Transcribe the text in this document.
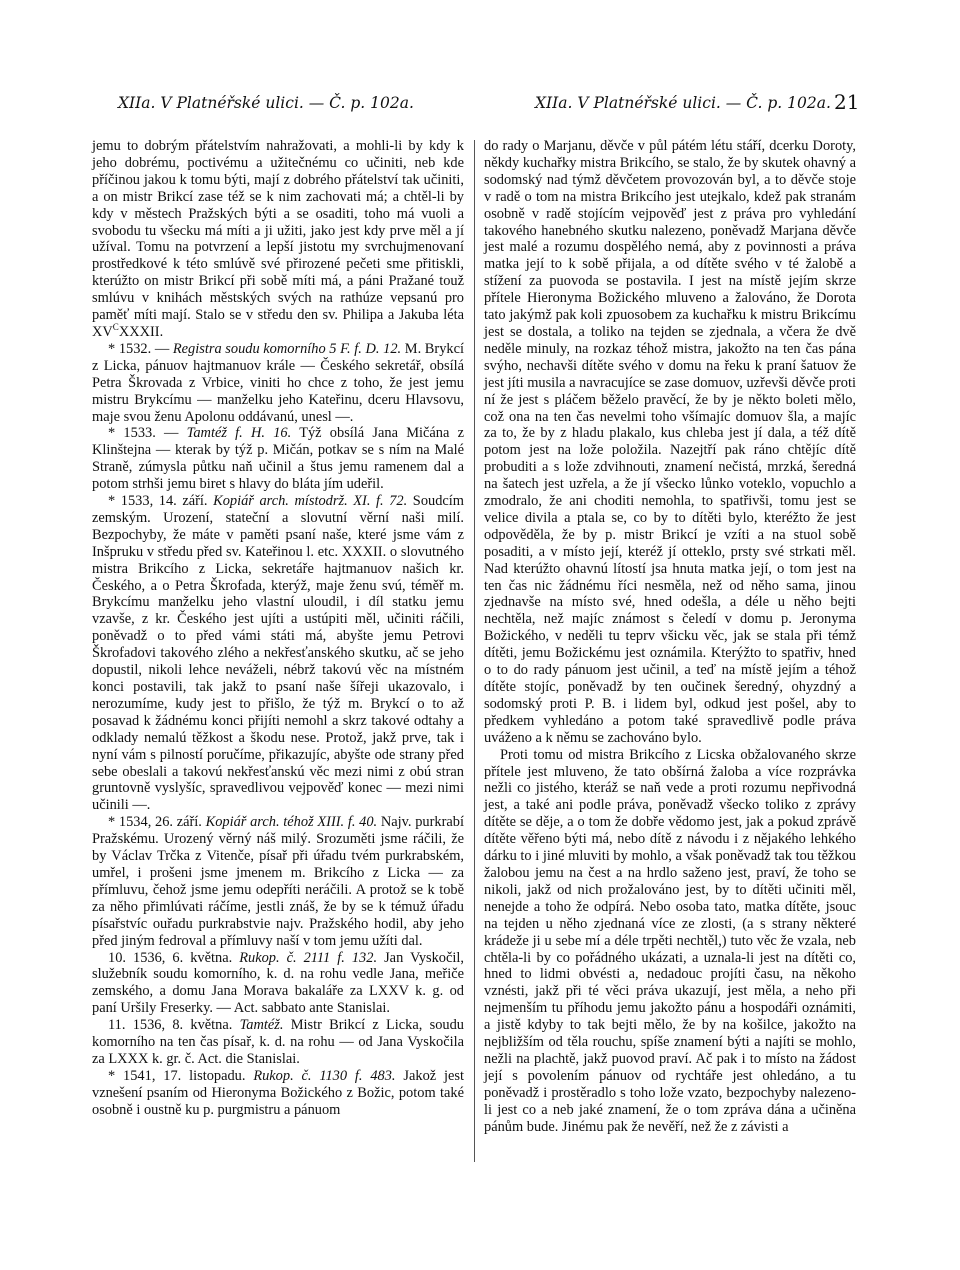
XIIa. V Platnéřské ulici. — Č. p. 102a.	XIIa. V Platnéřské ulici. — Č. p. 102a. 21

jemu to dobrým přátelstvím nahražovati, a mohli-li by kdy k jeho dobrému, poctivému a užitečnému co učiniti, neb kde příčinou jakou k tomu býti, mají z dobrého přátelství tak učiniti, a on mistr Brikcí zase též se k nim zachovati má; a chtěl-li by kdy v městech Pražských býti a se osaditi, toho má vuoli a svobodu tu všecku má míti a ji užiti, jako jest kdy prve měl a jí užíval. Tomu na potvrzení a lepší jistotu my svrchujmenovaní prostředkové k této smlúvě své přirozené pečeti sme přitiskli, kterúžto on mistr Brikcí při sobě míti má, a páni Pražané touž smlúvu v knihách městských svých na rathúze vepsanú pro paměť míti mají. Stalo se v středu den sv. Philipa a Jakuba léta $XV^CXXXII$.

* 1532. — Registra soudu komorního 5 F. f. D. 12. M. Brykcí z Licka, pánuov hajtmanuov krále — Českého sekretář, obsílá Petra Škrovada z Vrbice, viniti ho chce z toho, že jest jemu mistru Brykcímu — manželku jeho Kateřinu, dceru Hlavsovu, maje svou ženu Apolonu oddávanú, unesl —.

* 1533. — Tamtéž f. H. 16. Týž obsílá Jana Mičána z Klinštejna — kterak by týž p. Mičán, potkav se s ním na Malé Straně, zúmysla půtku naň učinil a štus jemu ramenem dal a potom strhši jemu biret s hlavy do bláta jím udeřil.

* 1533, 14. září. Kopiář arch. místodrž. XI. f. 72. Soudcím zemským. Urození, stateční a slovutní věrní naši milí. Bezpochyby, že máte v paměti psaní naše, které jsme vám z Inšpruku v středu před sv. Kateřinou l. etc. XXXII. o slovutného mistra Brikcího z Licka, sekretáře hajtmanuov našich kr. Českého, a o Petra Škrofada, kterýž, maje ženu svú, téměř m. Brykcímu manželku jeho vlastní uloudil, i díl statku jemu vzavše, z kr. Českého jest ujíti a ustúpiti měl, učiniti ráčili, poněvadž o to před vámi státi má, abyšte jemu Petrovi Škrofadovi takového zlého a nekřesťanského skutku, ač se jeho dopustil, nikoli lehce neváželi, nébrž takovú věc na místném konci postavili, tak jakž to psaní naše šířeji ukazovalo, i nerozumíme, kudy jest to přišlo, že týž m. Brykcí o to až posavad k žádnému konci přijíti nemohl a skrz takové odtahy a odklady nemalú těžkost a škodu nese. Protož, jakž prve, tak i nyní vám s pilností poručíme, přikazujíc, abyšte ode strany před sebe obeslali a takovú nekřesťanskú věc mezi nimi z obú stran gruntovně vyslyšíc, spravedlivou vejpověď konec — mezi nimi učinili —.

* 1534, 26. září. Kopiář arch. téhož XIII. f. 40. Najv. purkrabí Pražskému. Urozený věrný náš milý. Srozuměti jsme ráčili, že by Václav Trčka z Vitenče, písař při úřadu tvém purkrabském, umřel, i prošeni jsme jmenem m. Brikcího z Licka — za přímluvu, čehož jsme jemu odepříti neráčili. A protož se k tobě za něho přimlúvati ráčíme, jestli znáš, že by se k témuž úřadu písařstvíc ouřadu purkrabstvie najv. Pražského hodil, aby jeho před jiným fedroval a přímluvy naší v tom jemu užíti dal.

10. 1536, 6. května. Rukop. č. 2111 f. 132. Jan Vyskočil, služebník soudu komorního, k. d. na rohu vedle Jana, meřiče zemského, a domu Jana Morava bakaláře za LXXV k. g. od paní Uršily Freserky. — Act. sabbato ante Stanislai.

11. 1536, 8. května. Tamtéž. Mistr Brikcí z Licka, soudu komorního na ten čas písař, k. d. na rohu — od Jana Vyskočila za LXXX k. gr. č. Act. die Stanislai.

* 1541, 17. listopadu. Rukop. č. 1130 f. 483. Jakož jest vznešení psaním od Hieronyma Božického z Božic, potom také osobně i oustně ku p. purgmistru a pánuom

do rady o Marjanu, děvče v půl pátém létu stáří, dcerku Doroty, někdy kuchařky mistra Brikcího, se stalo, že by skutek ohavný a sodomský nad týmž děvčetem provozován byl, a to děvče stoje v radě o tom na mistra Brikcího jest utejkalo, kdež pak stranám osobně v radě stojícím vejpověď jest z práva pro vyhledání takového hanebného skutku nalezeno, poněvadž Marjana děvče jest malé a rozumu dospělého nemá, aby z povinnosti a práva matka její to k sobě přijala, a od dítěte svého v té žalobě a stížení za puovoda se postavila. I jest na místě jejím skrze přítele Hieronyma Božického mluveno a žalováno, že Dorota tato jakýmž pak koli zpuosobem za kuchařku k mistru Brikcímu jest se dostala, a toliko na tejden se zjednala, a včera že dvě neděle minuly, na rozkaz téhož mistra, jakožto na ten čas pána svýho, nechavši dítěte svého v domu na řeku k praní šatuov že jest jíti musila a navracujíce se zase domuov, uzřevši děvče proti ní že jest s pláčem běželo pravěcí, že by je někto boleti mělo, což ona na ten čas nevelmi toho všímajíc domuov šla, a majíc za to, že by z hladu plakalo, kus chleba jest jí dala, a též dítě potom jest na lože položila. Nazejtří pak ráno chtějíc dítě probuditi a s lože zdvihnouti, znamení nečistá, mrzká, šeredná na šatech jest uzřela, a že jí všecko lůnko voteklo, vopuchlo a zmodralo, že ani choditi nemohla, to spatřivši, tomu jest se velice divila a ptala se, co by to dítěti bylo, kteréžto že jest odpověděla, že by p. mistr Brikcí je vzíti a na stuol sobě posaditi, a v místo její, kteréž jí otteklo, prsty své strkati měl. Nad kterúžto ohavnú lítostí jsa hnuta matka její, o tom jest na ten čas nic žádnému říci nesměla, než od něho sama, jinou zjednavše na místo své, hned odešla, a déle u něho bejti nechtěla, než majíc známost s čeledí v domu p. Jeronyma Božického, v neděli tu teprv všicku věc, jak se stala při témž dítěti, jemu Božickému jest oznámila. Kterýžto to spatřiv, hned o to do rady pánuom jest učinil, a teď na místě jejím a téhož dítěte stojíc, poněvadž by ten oučinek šeredný, ohyzdný a sodomský proti P. B. i lidem byl, odkud jest pošel, aby to předkem vyhledáno a potom také spravedlivě podle práva uváženo a k němu se zachováno bylo.

Proti tomu od mistra Brikcího z Licska obžalovaného skrze přítele jest mluveno, že tato obšírná žaloba a více rozprávka nežli co jistého, kteráž se naň vede a proti rozumu nepřivodná jest, a také ani podle práva, poněvadž všecko toliko z zprávy dítěte se děje, a o tom že dobře vědomo jest, jak a pokud zprávě dítěte věřeno býti má, nebo dítě z návodu i z nějakého lehkého dárku to i jiné mluviti by mohlo, a však poněvadž tak tou těžkou žalobou jemu na čest a na hrdlo saženo jest, praví, že toho se nikoli, jakž od nich prožalováno jest, by to dítěti učiniti měl, nenejde a toho že odpírá. Nebo osoba tato, matka dítěte, jsouc na tejden u něho zjednaná více ze zlosti, (a s strany některé krádeže ji u sebe mí a déle trpěti nechtěl,) tuto věc že vzala, neb chtěla-li by co pořádného ukázati, a uznala-li jest na dítěti co, hned to lidmi obvésti a, nedadouc projíti času, na někoho vznésti, jakž při té věci práva ukazují, jest měla, a neho při nejmenším tu příhodu jemu jakožto pánu a hospodáři oznámiti, a jistě kdyby to tak bejti mělo, že by na košilce, jakožto na nejbližším od těla rouchu, spíše znamení býti a najíti se mohlo, nežli na plachtě, jakž puovod praví. Ač pak i to místo na žádost její s povolením pánuov od rychtáře jest ohledáno, a tu poněvadž i prostěradlo s toho lože vzato, bezpochyby nalezeno-li jest co a neb jaké znamení, že o tom zpráva dána a učiněna pánům bude. Jinému pak že nevěří, než že z závisti a
